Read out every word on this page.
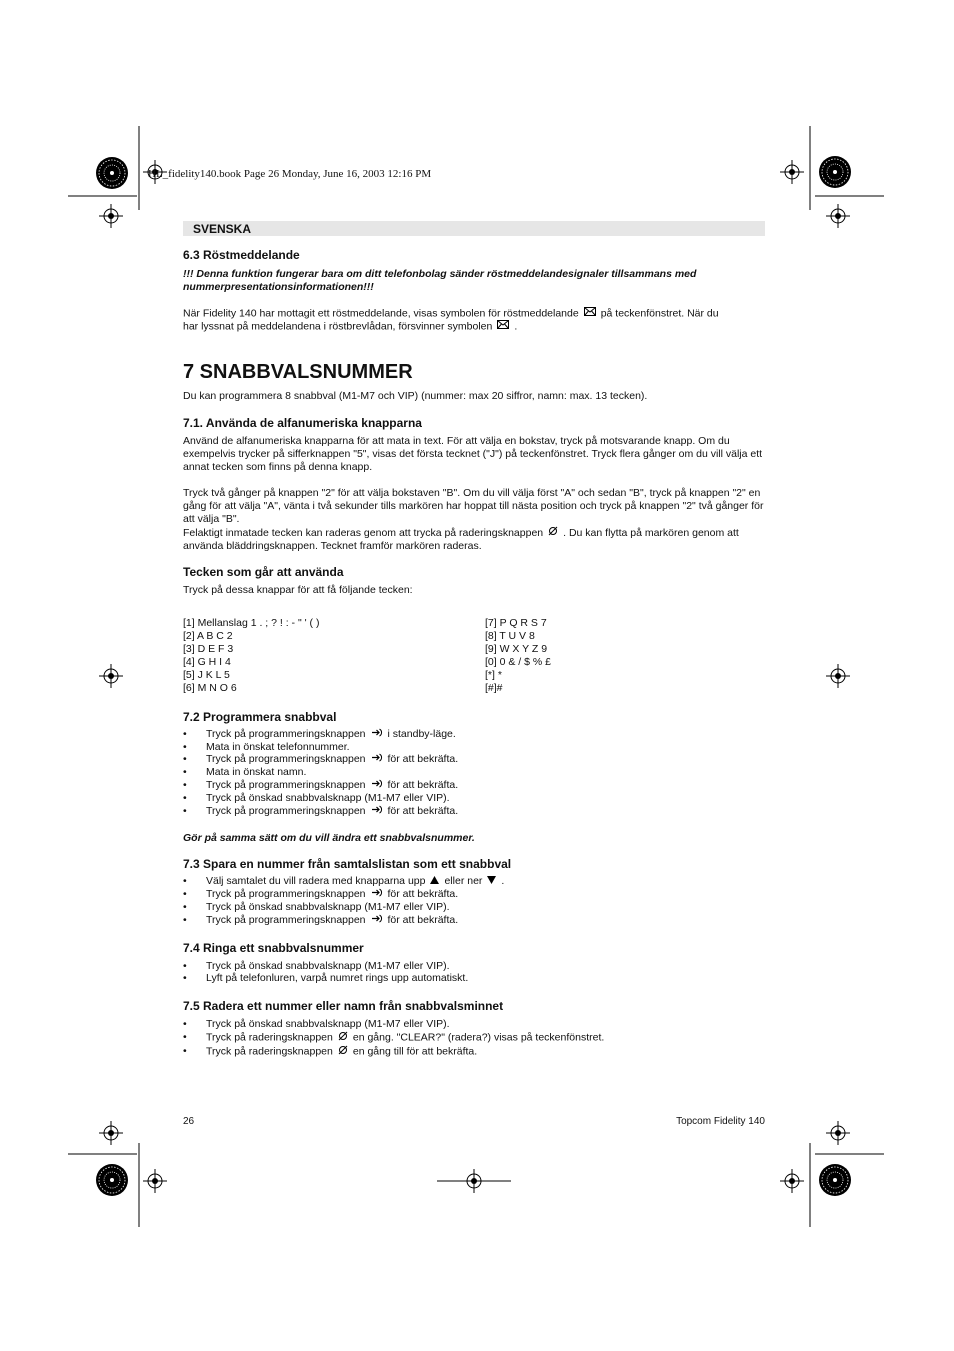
HL_fidelity140.book Page 26 Monday, June 16, 2003 12:16 PM
SVENSKA
6.3 Röstmeddelande

!!! Denna funktion fungerar bara om ditt telefonbolag sänder röstmeddelandesignaler tillsammans med nummerpresentationsinformationen!!!

När Fidelity 140 har mottagit ett röstmeddelande, visas symbolen för röstmeddelande på teckenfönstret. När du
har lyssnat på meddelandena i röstbrevlådan, försvinner symbolen .

7 SNABBVALSNUMMER

Du kan programmera 8 snabbval (M1-M7 och VIP) (nummer: max 20 siffror, namn: max. 13 tecken).

7.1. Använda de alfanumeriska knapparna

Använd de alfanumeriska knapparna för att mata in text. För att välja en bokstav, tryck på motsvarande knapp. Om du exempelvis trycker på sifferknappen "5", visas det första tecknet ("J") på teckenfönstret. Tryck flera gånger om du vill välja ett annat tecken som finns på denna knapp.

Tryck två gånger på knappen "2" för att välja bokstaven "B". Om du vill välja först "A" och sedan "B", tryck på knappen "2" en gång för att välja "A", vänta i två sekunder tills markören har hoppat till nästa position och tryck på knappen "2" två gånger för att välja "B".

Felaktigt inmatade tecken kan raderas genom att trycka på raderingsknappen . Du kan flytta på markören genom att använda bläddringsknappen. Tecknet framför markören raderas.

Tecken som går att använda

Tryck på dessa knappar för att få följande tecken:

[1] Mellanslag 1 . ; ? ! : - " ' ( )
[2] A B C 2
[3] D E F 3
[4] G H I 4
[5] J K L 5
[6] M N O 6
[7] P Q R S 7
[8] T U V 8
[9] W X Y Z 9
[0] 0 & / $ % £
[*] *
[#]#
7.2 Programmera snabbval
• Tryck på programmeringsknappen i standby-läge.
• Mata in önskat telefonnummer.
• Tryck på programmeringsknappen för att bekräfta.
• Mata in önskat namn.
• Tryck på programmeringsknappen för att bekräfta.
• Tryck på önskad snabbvalsknapp (M1-M7 eller VIP).
• Tryck på programmeringsknappen för att bekräfta.

Gör på samma sätt om du vill ändra ett snabbvalsnummer.

7.3 Spara en nummer från samtalslistan som ett snabbval
• Välj samtalet du vill radera med knapparna upp eller ner .
• Tryck på programmeringsknappen för att bekräfta.
• Tryck på önskad snabbvalsknapp (M1-M7 eller VIP).
• Tryck på programmeringsknappen för att bekräfta.
7.4 Ringa ett snabbvalsnummer
• Tryck på önskad snabbvalsknapp (M1-M7 eller VIP).
• Lyft på telefonluren, varpå numret rings upp automatiskt.
7.5 Radera ett nummer eller namn från snabbvalsminnet
• Tryck på önskad snabbvalsknapp (M1-M7 eller VIP).
• Tryck på raderingsknappen en gång. "CLEAR?" (radera?) visas på teckenfönstret.
• Tryck på raderingsknappen en gång till för att bekräfta.
26	Topcom Fidelity 140
